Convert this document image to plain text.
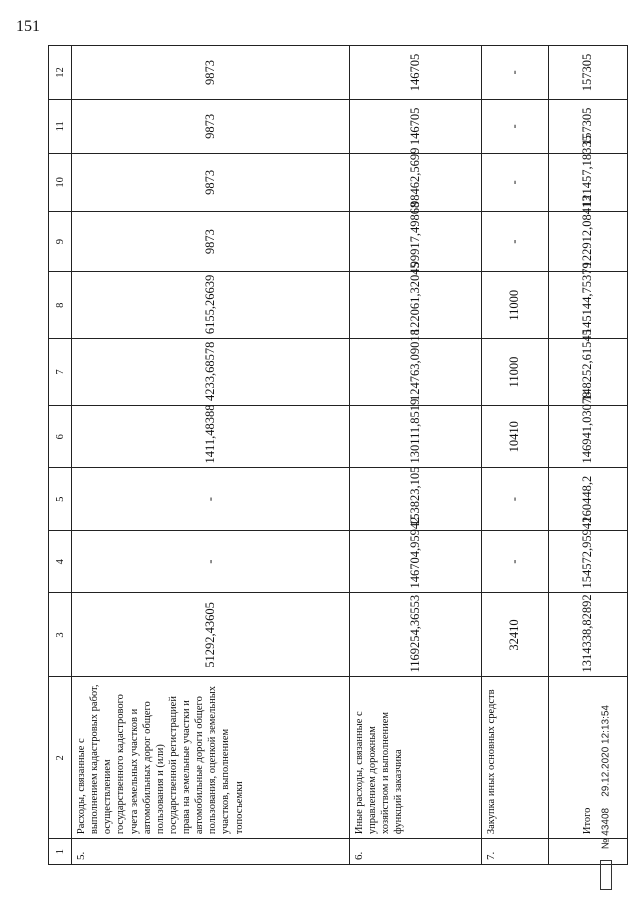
151
1	2	3	4	5	6	7	8	9	10	11	12
5.	Расходы, связанные с выполнением кадастровых работ, осуществлением государственного кадастрового учета земельных участков и автомобильных дорог общего пользования и (или) государственной регистрацией права на земельные участки и автомобильные дороги общего пользования, оценкой земельных участков, выполнением топосъемки	51292,43605	-	-	1411,48388	4233,68578	6155,26639	9873	9873	9873	9873
6.	Иные расходы, связанные с управлением дорожным хозяйством и выполнением функций заказчика	1169254,36553	146704,95942	153823,105	130111,8519	124763,09018	122061,32045	99917,49868	98462,5699	146705	146705
7.	Закупка иных основных средств	32410	-	-	10410	11000	11000	-	-	-	-
	Итого	1314338,82892	154572,95942	160448,2	146941,03078	148252,61545	145144,75379	122912,08413	121457,18335	157305	157305
№ 43408    29.12.2020 12:13:54
